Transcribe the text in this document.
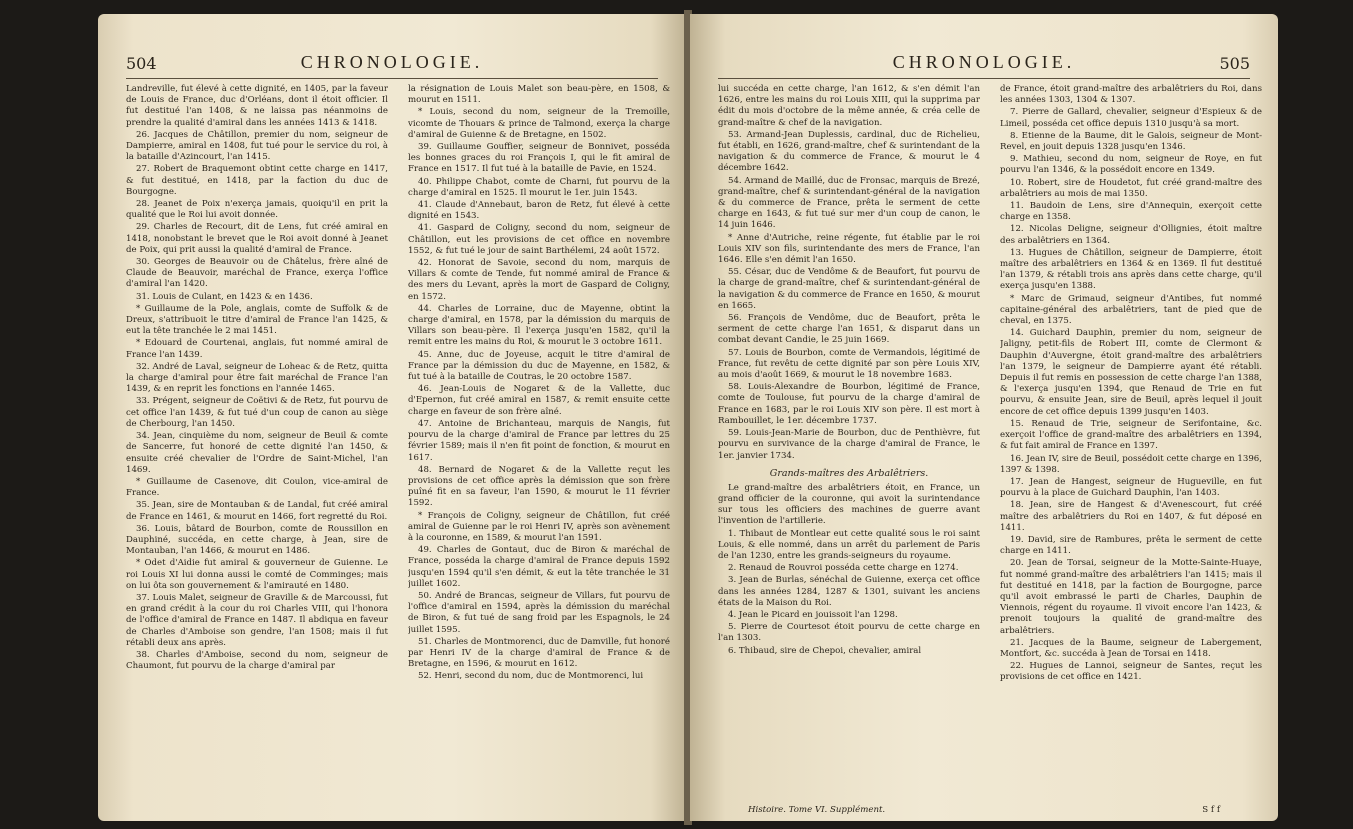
504	CHRONOLOGIE.

Landreville, fut élevé à cette dignité, en 1405, par la faveur de Louis de France, duc d'Orléans, dont il étoit officier. Il fut destitué l'an 1408, & ne laissa pas néanmoins de prendre la qualité d'amiral dans les années 1413 & 1418.

26. Jacques de Châtillon, premier du nom, seigneur de Dampierre, amiral en 1408, fut tué pour le service du roi, à la bataille d'Azincourt, l'an 1415.

27. Robert de Braquemont obtint cette charge en 1417, & fut destitué, en 1418, par la faction du duc de Bourgogne.

28. Jeanet de Poix n'exerça jamais, quoiqu'il en prit la qualité que le Roi lui avoit donnée.

29. Charles de Recourt, dit de Lens, fut créé amiral en 1418, nonobstant le brevet que le Roi avoit donné à Jeanet de Poix, qui prit aussi la qualité d'amiral de France.

30. Georges de Beauvoir ou de Châtelus, frère aîné de Claude de Beauvoir, maréchal de France, exerça l'office d'amiral l'an 1420.

31. Louis de Culant, en 1423 & en 1436.

* Guillaume de la Pole, anglais, comte de Suffolk & de Dreux, s'attribuoit le titre d'amiral de France l'an 1425, & eut la tête tranchée le 2 mai 1451.

* Edouard de Courtenai, anglais, fut nommé amiral de France l'an 1439.

32. André de Laval, seigneur de Loheac & de Retz, quitta la charge d'amiral pour être fait maréchal de France l'an 1439, & en reprit les fonctions en l'année 1465.

33. Prégent, seigneur de Coëtivi & de Retz, fut pourvu de cet office l'an 1439, & fut tué d'un coup de canon au siège de Cherbourg, l'an 1450.

34. Jean, cinquième du nom, seigneur de Beuil & comte de Sancerre, fut honoré de cette dignité l'an 1450, & ensuite créé chevalier de l'Ordre de Saint-Michel, l'an 1469.

* Guillaume de Casenove, dit Coulon, vice-amiral de France.

35. Jean, sire de Montauban & de Landal, fut créé amiral de France en 1461, & mourut en 1466, fort regretté du Roi.

36. Louis, bâtard de Bourbon, comte de Roussillon en Dauphiné, succéda, en cette charge, à Jean, sire de Montauban, l'an 1466, & mourut en 1486.

* Odet d'Aidie fut amiral & gouverneur de Guienne. Le roi Louis XI lui donna aussi le comté de Comminges; mais on lui ôta son gouvernement & l'amirauté en 1480.

37. Louis Malet, seigneur de Graville & de Marcoussi, fut en grand crédit à la cour du roi Charles VIII, qui l'honora de l'office d'amiral de France en 1487. Il abdiqua en faveur de Charles d'Amboise son gendre, l'an 1508; mais il fut rétabli deux ans après.

38. Charles d'Amboise, second du nom, seigneur de Chaumont, fut pourvu de la charge d'amiral par

la résignation de Louis Malet son beau-père, en 1508, & mourut en 1511.

* Louis, second du nom, seigneur de la Tremoille, vicomte de Thouars & prince de Talmond, exerça la charge d'amiral de Guienne & de Bretagne, en 1502.

39. Guillaume Gouffier, seigneur de Bonnivet, posséda les bonnes graces du roi François I, qui le fit amiral de France en 1517. Il fut tué à la bataille de Pavie, en 1524.

40. Philippe Chabot, comte de Charni, fut pourvu de la charge d'amiral en 1525. Il mourut le 1er. juin 1543.

41. Claude d'Annebaut, baron de Retz, fut élevé à cette dignité en 1543.

41. Gaspard de Coligny, second du nom, seigneur de Châtillon, eut les provisions de cet office en novembre 1552, & fut tué le jour de saint Barthélemi, 24 août 1572.

42. Honorat de Savoie, second du nom, marquis de Villars & comte de Tende, fut nommé amiral de France & des mers du Levant, après la mort de Gaspard de Coligny, en 1572.

44. Charles de Lorraine, duc de Mayenne, obtint la charge d'amiral, en 1578, par la démission du marquis de Villars son beau-père. Il l'exerça jusqu'en 1582, qu'il la remit entre les mains du Roi, & mourut le 3 octobre 1611.

45. Anne, duc de Joyeuse, acquit le titre d'amiral de France par la démission du duc de Mayenne, en 1582, & fut tué à la bataille de Coutras, le 20 octobre 1587.

46. Jean-Louis de Nogaret & de la Vallette, duc d'Epernon, fut créé amiral en 1587, & remit ensuite cette charge en faveur de son frère aîné.

47. Antoine de Brichanteau, marquis de Nangis, fut pourvu de la charge d'amiral de France par lettres du 25 février 1589; mais il n'en fit point de fonction, & mourut en 1617.

48. Bernard de Nogaret & de la Vallette reçut les provisions de cet office après la démission que son frère puîné fit en sa faveur, l'an 1590, & mourut le 11 février 1592.

* François de Coligny, seigneur de Châtillon, fut créé amiral de Guienne par le roi Henri IV, après son avènement à la couronne, en 1589, & mourut l'an 1591.

49. Charles de Gontaut, duc de Biron & maréchal de France, posséda la charge d'amiral de France depuis 1592 jusqu'en 1594 qu'il s'en démit, & eut la tête tranchée le 31 juillet 1602.

50. André de Brancas, seigneur de Villars, fut pourvu de l'office d'amiral en 1594, après la démission du maréchal de Biron, & fut tué de sang froid par les Espagnols, le 24 juillet 1595.

51. Charles de Montmorenci, duc de Damville, fut honoré par Henri IV de la charge d'amiral de France & de Bretagne, en 1596, & mourut en 1612.

52. Henri, second du nom, duc de Montmorenci, lui

CHRONOLOGIE.	505

lui succéda en cette charge, l'an 1612, & s'en démit l'an 1626, entre les mains du roi Louis XIII, qui la supprima par édit du mois d'octobre de la même année, & créa celle de grand-maître & chef de la navigation.

53. Armand-Jean Duplessis, cardinal, duc de Richelieu, fut établi, en 1626, grand-maître, chef & surintendant de la navigation & du commerce de France, & mourut le 4 décembre 1642.

54. Armand de Maillé, duc de Fronsac, marquis de Brezé, grand-maître, chef & surintendant-général de la navigation & du commerce de France, prêta le serment de cette charge en 1643, & fut tué sur mer d'un coup de canon, le 14 juin 1646.

* Anne d'Autriche, reine régente, fut établie par le roi Louis XIV son fils, surintendante des mers de France, l'an 1646. Elle s'en démit l'an 1650.

55. César, duc de Vendôme & de Beaufort, fut pourvu de la charge de grand-maître, chef & surintendant-général de la navigation & du commerce de France en 1650, & mourut en 1665.

56. François de Vendôme, duc de Beaufort, prêta le serment de cette charge l'an 1651, & disparut dans un combat devant Candie, le 25 juin 1669.

57. Louis de Bourbon, comte de Vermandois, légitimé de France, fut revêtu de cette dignité par son père Louis XIV, au mois d'août 1669, & mourut le 18 novembre 1683.

58. Louis-Alexandre de Bourbon, légitimé de France, comte de Toulouse, fut pourvu de la charge d'amiral de France en 1683, par le roi Louis XIV son père. Il est mort à Rambouillet, le 1er. décembre 1737.

59. Louis-Jean-Marie de Bourbon, duc de Penthièvre, fut pourvu en survivance de la charge d'amiral de France, le 1er. janvier 1734.

Grands-maîtres des Arbalêtriers.

Le grand-maître des arbalêtriers étoit, en France, un grand officier de la couronne, qui avoit la surintendance sur tous les officiers des machines de guerre avant l'invention de l'artillerie.

1. Thibaut de Montlear eut cette qualité sous le roi saint Louis, & elle nommé, dans un arrêt du parlement de Paris de l'an 1230, entre les grands-seigneurs du royaume.

2. Renaud de Rouvroi posséda cette charge en 1274.

3. Jean de Burlas, sénéchal de Guienne, exerça cet office dans les années 1284, 1287 & 1301, suivant les anciens états de la Maison du Roi.

4. Jean le Picard en jouissoit l'an 1298.

5. Pierre de Courtesot étoit pourvu de cette charge en l'an 1303.

6. Thibaud, sire de Chepoi, chevalier, amiral

de France, étoit grand-maître des arbalêtriers du Roi, dans les années 1303, 1304 & 1307.

7. Pierre de Gallard, chevalier, seigneur d'Espieux & de Limeil, posséda cet office depuis 1310 jusqu'à sa mort.

8. Etienne de la Baume, dit le Galois, seigneur de Mont-Revel, en jouit depuis 1328 jusqu'en 1346.

9. Mathieu, second du nom, seigneur de Roye, en fut pourvu l'an 1346, & la possédoit encore en 1349.

10. Robert, sire de Houdetot, fut créé grand-maître des arbalêtriers au mois de mai 1350.

11. Baudoin de Lens, sire d'Annequin, exerçoit cette charge en 1358.

12. Nicolas Deligne, seigneur d'Ollignies, étoit maître des arbalêtriers en 1364.

13. Hugues de Châtillon, seigneur de Dampierre, étoit maître des arbalêtriers en 1364 & en 1369. Il fut destitué l'an 1379, & rétabli trois ans après dans cette charge, qu'il exerça jusqu'en 1388.

* Marc de Grimaud, seigneur d'Antibes, fut nommé capitaine-général des arbalêtriers, tant de pied que de cheval, en 1375.

14. Guichard Dauphin, premier du nom, seigneur de Jaligny, petit-fils de Robert III, comte de Clermont & Dauphin d'Auvergne, étoit grand-maître des arbalêtriers l'an 1379, le seigneur de Dampierre ayant été rétabli. Depuis il fut remis en possession de cette charge l'an 1388, & l'exerça jusqu'en 1394, que Renaud de Trie en fut pourvu, & ensuite Jean, sire de Beuil, après lequel il jouit encore de cet office depuis 1399 jusqu'en 1403.

15. Renaud de Trie, seigneur de Serifontaine, &c. exerçoit l'office de grand-maître des arbalêtriers en 1394, & fut fait amiral de France en 1397.

16. Jean IV, sire de Beuil, possédoit cette charge en 1396, 1397 & 1398.

17. Jean de Hangest, seigneur de Hugueville, en fut pourvu à la place de Guichard Dauphin, l'an 1403.

18. Jean, sire de Hangest & d'Avenescourt, fut créé maître des arbalêtriers du Roi en 1407, & fut déposé en 1411.

19. David, sire de Rambures, prêta le serment de cette charge en 1411.

20. Jean de Torsai, seigneur de la Motte-Sainte-Huaye, fut nommé grand-maître des arbalêtriers l'an 1415; mais il fut destitué en 1418, par la faction de Bourgogne, parce qu'il avoit embrassé le parti de Charles, Dauphin de Viennois, régent du royaume. Il vivoit encore l'an 1423, & prenoit toujours la qualité de grand-maître des arbalêtriers.

21. Jacques de la Baume, seigneur de Labergement, Montfort, &c. succéda à Jean de Torsai en 1418.

22. Hugues de Lannoi, seigneur de Santes, reçut les provisions de cet office en 1421.

Histoire. Tome VI. Supplément.	S f f
